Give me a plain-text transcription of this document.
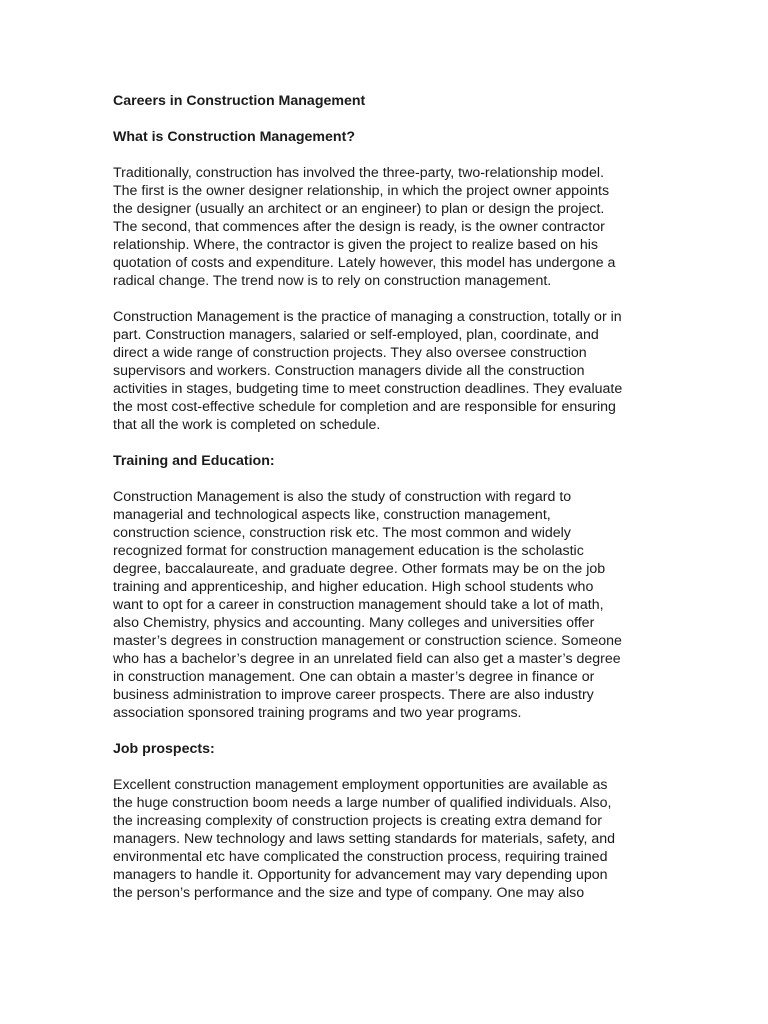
Careers in Construction Management
What is Construction Management?

Traditionally, construction has involved the three-party, two-relationship model.
The first is the owner designer relationship, in which the project owner appoints
the designer (usually an architect or an engineer) to plan or design the project.
The second, that commences after the design is ready, is the owner contractor
relationship. Where, the contractor is given the project to realize based on his
quotation of costs and expenditure. Lately however, this model has undergone a
radical change. The trend now is to rely on construction management.

Construction Management is the practice of managing a construction, totally or in
part. Construction managers, salaried or self-employed, plan, coordinate, and
direct a wide range of construction projects. They also oversee construction
supervisors and workers. Construction managers divide all the construction
activities in stages, budgeting time to meet construction deadlines. They evaluate
the most cost-effective schedule for completion and are responsible for ensuring
that all the work is completed on schedule.

Training and Education:

Construction Management is also the study of construction with regard to
managerial and technological aspects like, construction management,
construction science, construction risk etc. The most common and widely
recognized format for construction management education is the scholastic
degree, baccalaureate, and graduate degree. Other formats may be on the job
training and apprenticeship, and higher education. High school students who
want to opt for a career in construction management should take a lot of math,
also Chemistry, physics and accounting. Many colleges and universities offer
master’s degrees in construction management or construction science. Someone
who has a bachelor’s degree in an unrelated field can also get a master’s degree
in construction management. One can obtain a master’s degree in finance or
business administration to improve career prospects. There are also industry
association sponsored training programs and two year programs.

Job prospects:

Excellent construction management employment opportunities are available as
the huge construction boom needs a large number of qualified individuals. Also,
the increasing complexity of construction projects is creating extra demand for
managers. New technology and laws setting standards for materials, safety, and
environmental etc have complicated the construction process, requiring trained
managers to handle it. Opportunity for advancement may vary depending upon
the person’s performance and the size and type of company. One may also
